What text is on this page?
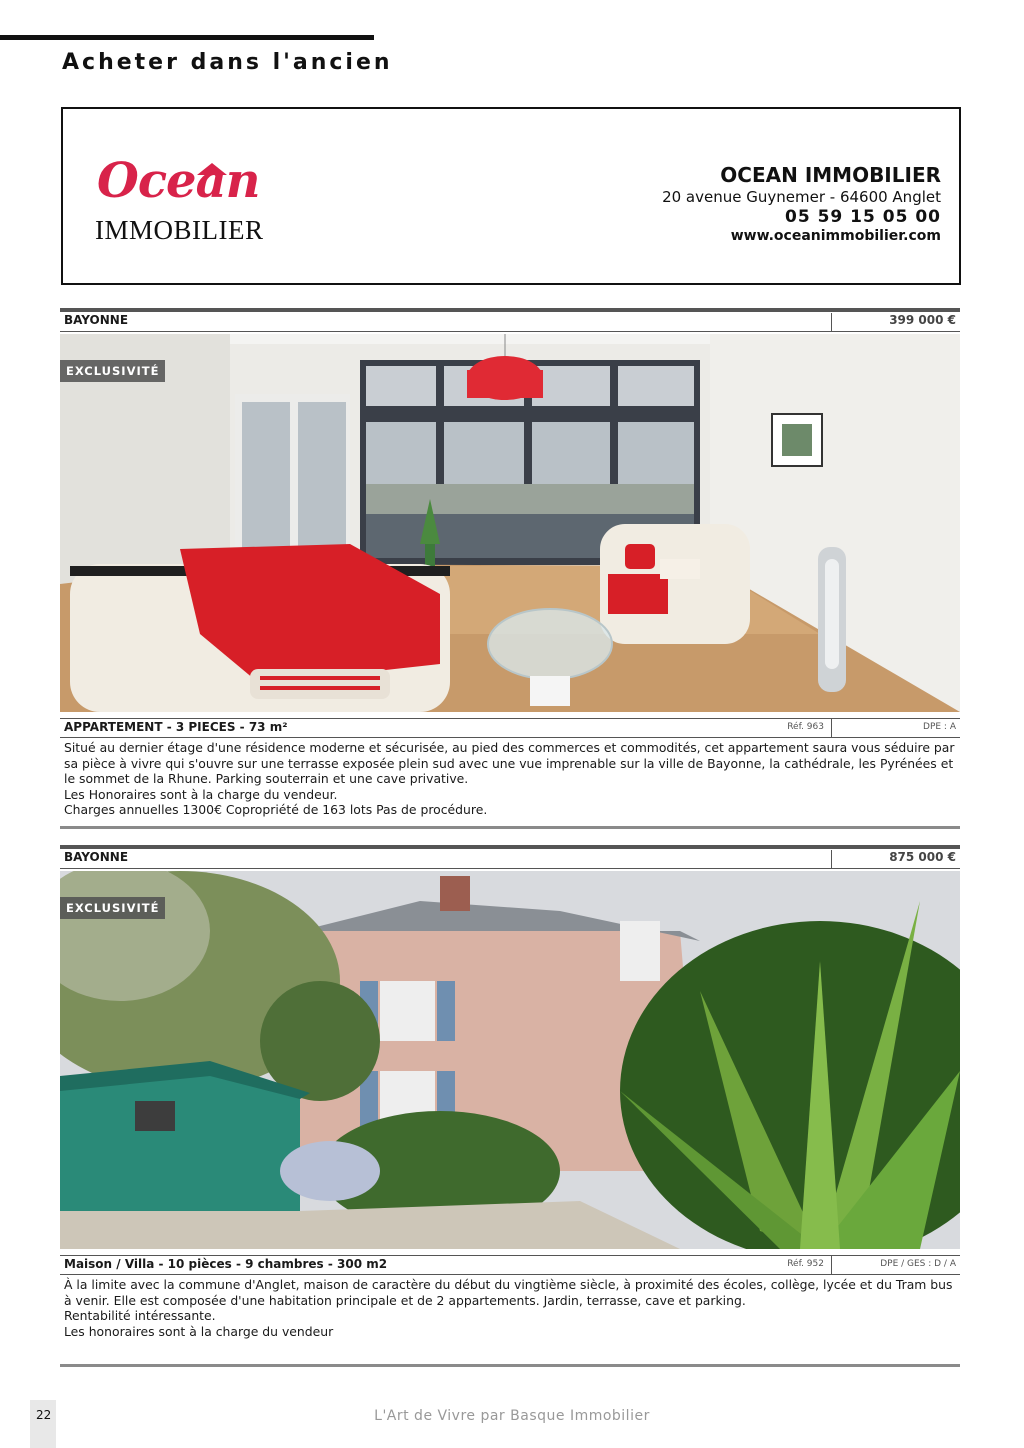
Acheter dans l'ancien
Ocean
IMMOBILIER
OCEAN IMMOBILIER
20 avenue Guynemer - 64600 Anglet
05 59 15 05 00
www.oceanimmobilier.com
BAYONNE	399 000 €
EXCLUSIVITÉ
APPARTEMENT - 3 PIECES - 73 m²	Réf. 963	DPE : A

Situé au dernier étage d'une résidence moderne et sécurisée, au pied des commerces et commodités, cet appartement saura vous séduire par sa pièce à vivre qui s'ouvre sur une terrasse exposée plein sud avec une vue imprenable sur la ville de Bayonne, la cathédrale, les Pyrénées et le sommet de la Rhune. Parking souterrain et une cave privative.

Les Honoraires sont à la charge du vendeur.

Charges annuelles 1300€ Copropriété de 163 lots Pas de procédure.

BAYONNE	875 000 €
EXCLUSIVITÉ
Maison / Villa - 10 pièces - 9 chambres - 300 m2	Réf. 952	DPE / GES : D / A

À la limite avec la commune d'Anglet, maison de caractère du début du vingtième siècle, à proximité des écoles, collège, lycée et du Tram bus à venir. Elle est composée d'une habitation principale et de 2 appartements. Jardin, terrasse, cave et parking.

Rentabilité intéressante.

Les honoraires sont à la charge du vendeur

22	L'Art de Vivre par Basque Immobilier
